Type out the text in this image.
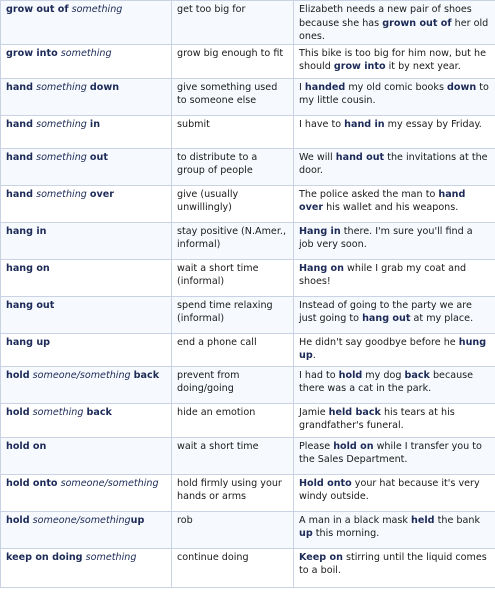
grow out of something	get too big for	Elizabeth needs a new pair of shoes because she has grown out of her old ones.
grow into something	grow big enough to fit	This bike is too big for him now, but he should grow into it by next year.
hand something down	give something used to someone else	I handed my old comic books down to my little cousin.
hand something in	submit	I have to hand in my essay by Friday.
hand something out	to distribute to a group of people	We will hand out the invitations at the door.
hand something over	give (usually unwillingly)	The police asked the man to hand over his wallet and his weapons.
hang in	stay positive (N.Amer., informal)	Hang in there. I'm sure you'll find a job very soon.
hang on	wait a short time (informal)	Hang on while I grab my coat and shoes!
hang out	spend time relaxing (informal)	Instead of going to the party we are just going to hang out at my place.
hang up	end a phone call	He didn't say goodbye before he hung up.
hold someone/something back	prevent from doing/going	I had to hold my dog back because there was a cat in the park.
hold something back	hide an emotion	Jamie held back his tears at his grandfather's funeral.
hold on	wait a short time	Please hold on while I transfer you to the Sales Department.
hold onto someone/something	hold firmly using your hands or arms	Hold onto your hat because it's very windy outside.
hold someone/somethingup	rob	A man in a black mask held the bank up this morning.
keep on doing something	continue doing	Keep on stirring until the liquid comes to a boil.
